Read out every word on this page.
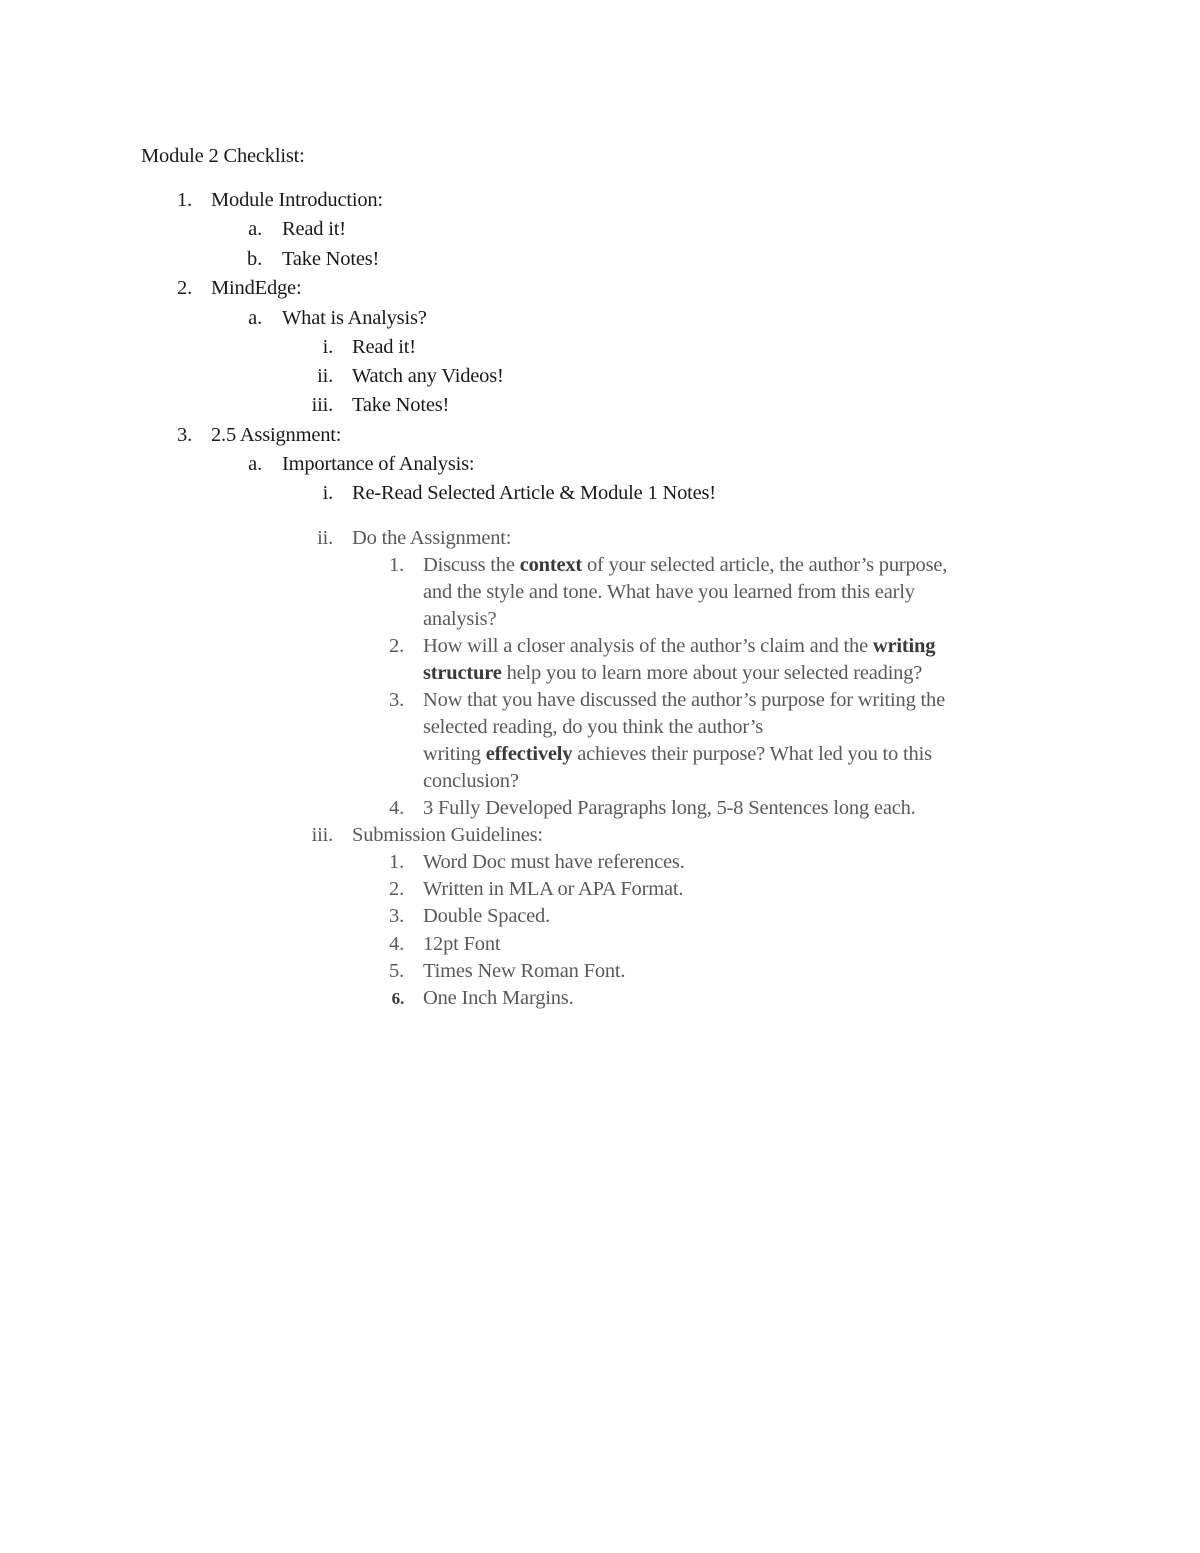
Module 2 Checklist:
1. Module Introduction:
a. Read it!
b. Take Notes!
2. MindEdge:
a. What is Analysis?
i. Read it!
ii. Watch any Videos!
iii. Take Notes!
3. 2.5 Assignment:
a. Importance of Analysis:
i. Re-Read Selected Article & Module 1 Notes!
ii. Do the Assignment:
1. Discuss the context of your selected article, the author’s purpose,
and the style and tone. What have you learned from this early
analysis?
2. How will a closer analysis of the author’s claim and the writing
structure help you to learn more about your selected reading?
3. Now that you have discussed the author’s purpose for writing the
selected reading, do you think the author’s
writing effectively achieves their purpose? What led you to this
conclusion?
4. 3 Fully Developed Paragraphs long, 5-8 Sentences long each.
iii. Submission Guidelines:
1. Word Doc must have references.
2. Written in MLA or APA Format.
3. Double Spaced.
4. 12pt Font
5. Times New Roman Font.
6. One Inch Margins.
